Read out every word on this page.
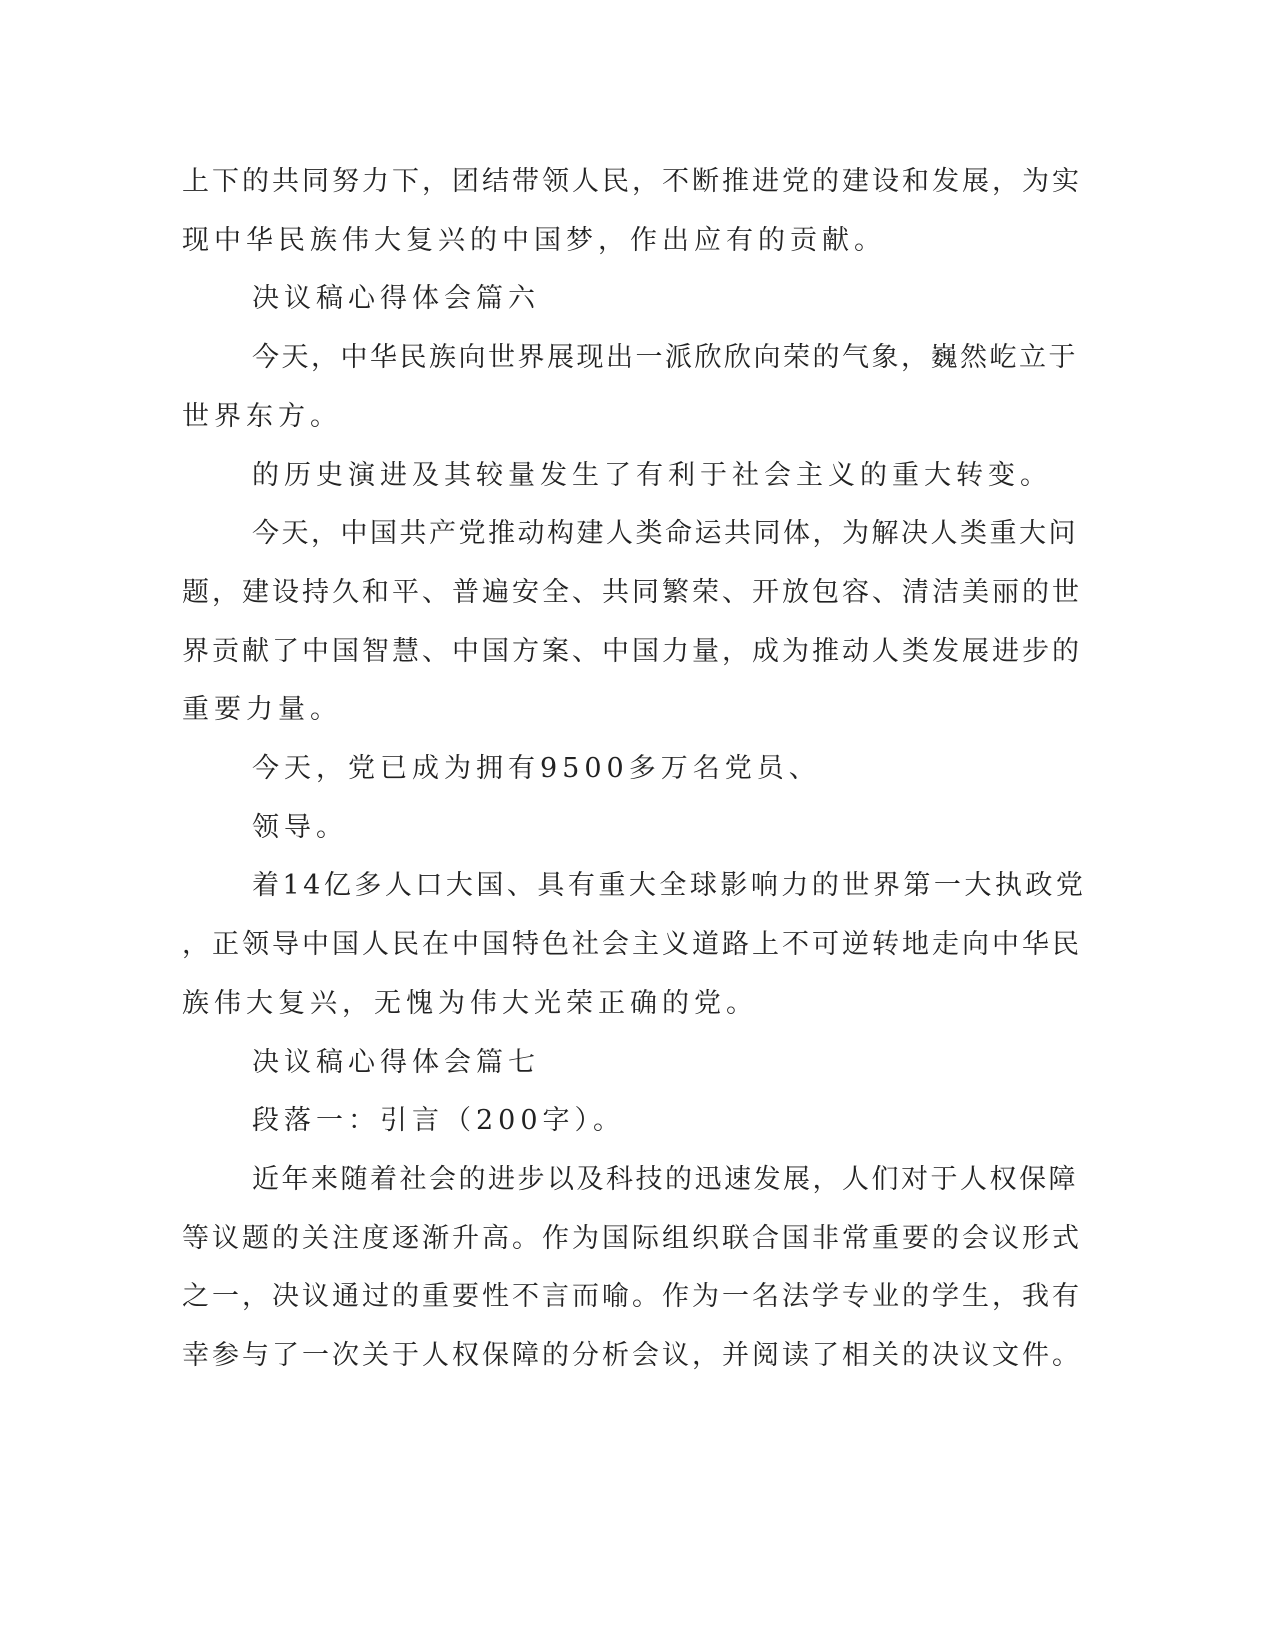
上下的共同努力下，团结带领人民，不断推进党的建设和发展，为实
现中华民族伟大复兴的中国梦，作出应有的贡献。
决议稿心得体会篇六
今天，中华民族向世界展现出一派欣欣向荣的气象，巍然屹立于
世界东方。
的历史演进及其较量发生了有利于社会主义的重大转变。
今天，中国共产党推动构建人类命运共同体，为解决人类重大问
题，建设持久和平、普遍安全、共同繁荣、开放包容、清洁美丽的世
界贡献了中国智慧、中国方案、中国力量，成为推动人类发展进步的
重要力量。
今天，党已成为拥有9500多万名党员、
领导。
着14亿多人口大国、具有重大全球影响力的世界第一大执政党
，正领导中国人民在中国特色社会主义道路上不可逆转地走向中华民
族伟大复兴，无愧为伟大光荣正确的党。
决议稿心得体会篇七
段落一：引言（200字）。
近年来随着社会的进步以及科技的迅速发展，人们对于人权保障
等议题的关注度逐渐升高。作为国际组织联合国非常重要的会议形式
之一，决议通过的重要性不言而喻。作为一名法学专业的学生，我有
幸参与了一次关于人权保障的分析会议，并阅读了相关的决议文件。
